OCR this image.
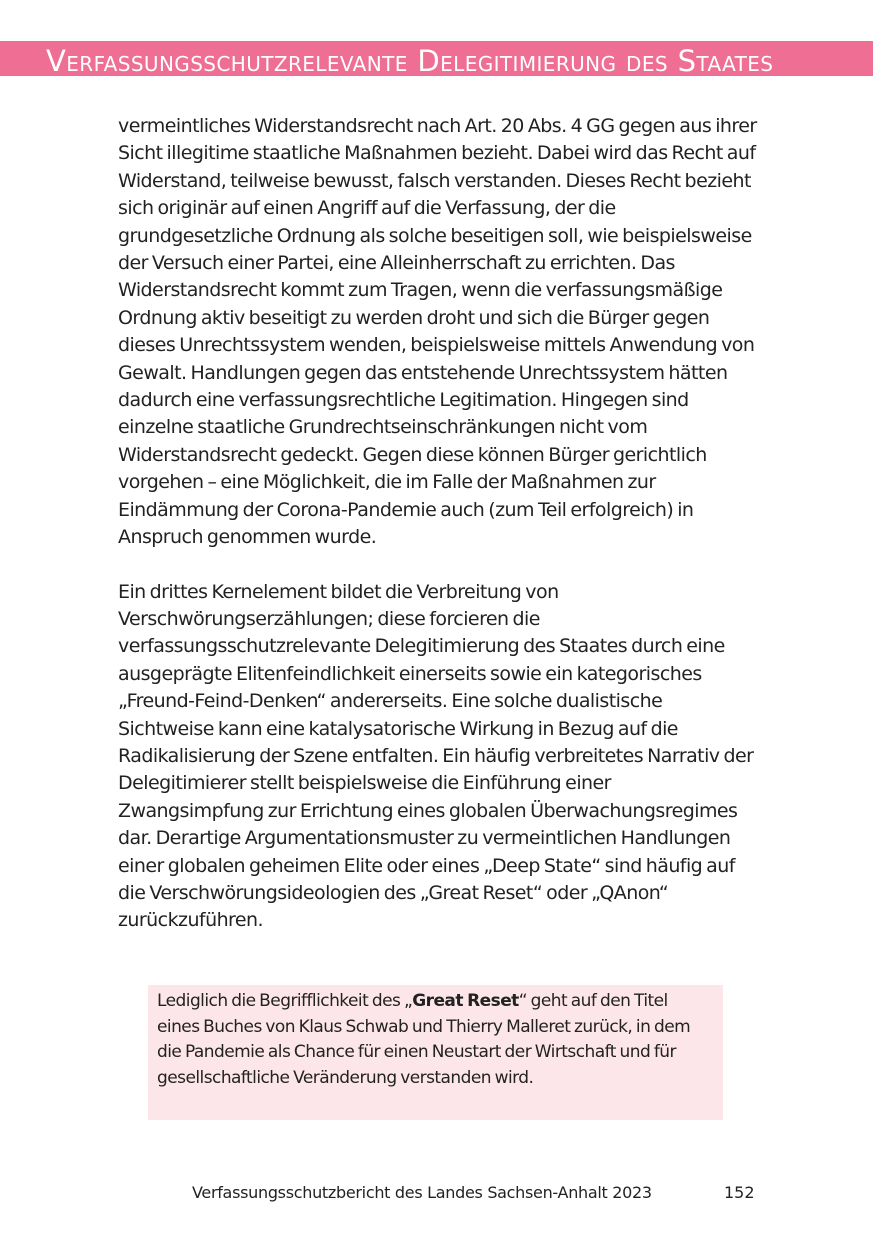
Verfassungsschutzrelevante Delegitimierung des Staates

vermeintliches Widerstandsrecht nach Art. 20 Abs. 4 GG gegen aus ihrer Sicht illegitime staatliche Maßnahmen bezieht. Dabei wird das Recht auf Widerstand, teilweise bewusst, falsch verstanden. Dieses Recht bezieht sich originär auf einen Angriff auf die Verfassung, der die grundgesetzliche Ordnung als solche beseitigen soll, wie beispielsweise der Versuch einer Partei, eine Alleinherrschaft zu errichten. Das Widerstandsrecht kommt zum Tragen, wenn die verfassungsmäßige Ordnung aktiv beseitigt zu werden droht und sich die Bürger gegen dieses Unrechtssystem wenden, beispielsweise mittels Anwendung von Gewalt. Handlungen gegen das entstehende Unrechtssystem hätten dadurch eine verfassungsrechtliche Legitimation. Hingegen sind einzelne staatliche Grundrechtseinschränkungen nicht vom Widerstandsrecht gedeckt. Gegen diese können Bürger gerichtlich vorgehen – eine Möglichkeit, die im Falle der Maßnahmen zur Eindämmung der Corona-Pandemie auch (zum Teil erfolgreich) in Anspruch genommen wurde.

Ein drittes Kernelement bildet die Verbreitung von Verschwörungserzählungen; diese forcieren die verfassungsschutzrelevante Delegitimierung des Staates durch eine ausgeprägte Elitenfeindlichkeit einerseits sowie ein kategorisches „Freund-Feind-Denken“ andererseits. Eine solche dualistische Sichtweise kann eine katalysatorische Wirkung in Bezug auf die Radikalisierung der Szene entfalten. Ein häufig verbreitetes Narrativ der Delegitimierer stellt beispielsweise die Einführung einer Zwangsimpfung zur Errichtung eines globalen Überwachungsregimes dar. Derartige Argumentationsmuster zu vermeintlichen Handlungen einer globalen geheimen Elite oder eines „Deep State“ sind häufig auf die Verschwörungsideologien des „Great Reset“ oder „QAnon“ zurückzuführen.

Lediglich die Begrifflichkeit des „Great Reset“ geht auf den Titel eines Buches von Klaus Schwab und Thierry Malleret zurück, in dem die Pandemie als Chance für einen Neustart der Wirtschaft und für gesellschaftliche Veränderung verstanden wird.
Verfassungsschutzbericht des Landes Sachsen-Anhalt 2023	152
